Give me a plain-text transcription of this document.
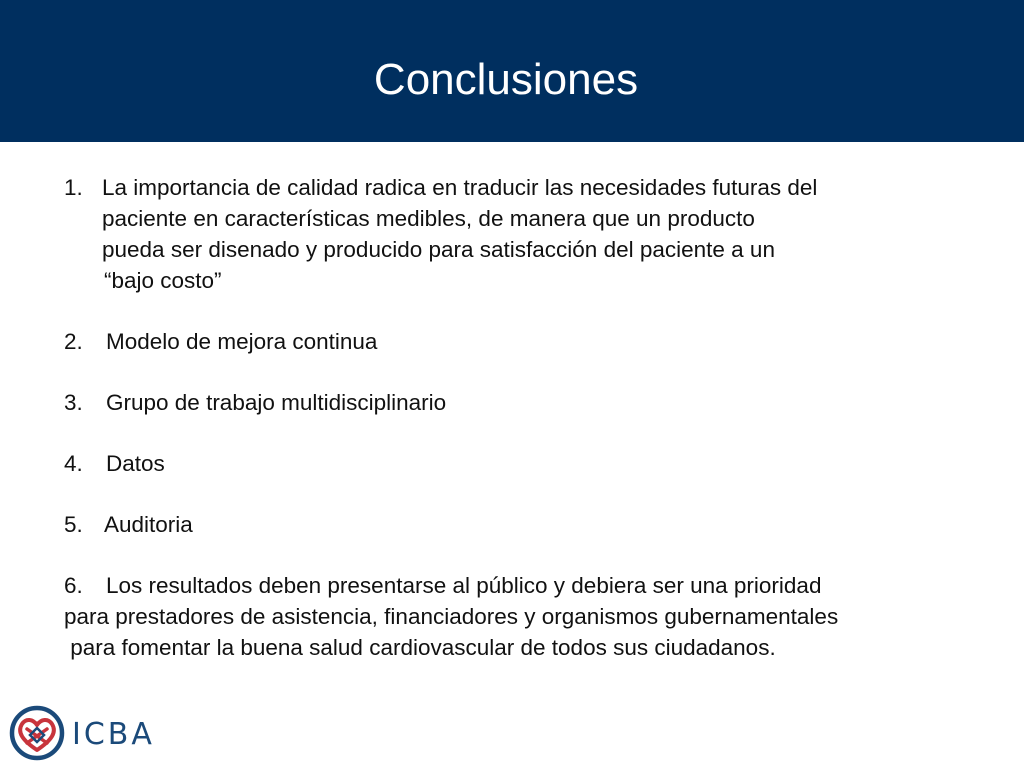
Conclusiones
1. La importancia de calidad radica en traducir las necesidades futuras del
paciente en características medibles, de manera que un producto
pueda ser disenado y producido para satisfacción del paciente a un
“bajo costo”
2. Modelo de mejora continua
3. Grupo de trabajo multidisciplinario
4. Datos
5. Auditoria
6. Los resultados deben presentarse al público y debiera ser una prioridad
para prestadores de asistencia, financiadores y organismos gubernamentales
para fomentar la buena salud cardiovascular de todos sus ciudadanos.
ICBA
